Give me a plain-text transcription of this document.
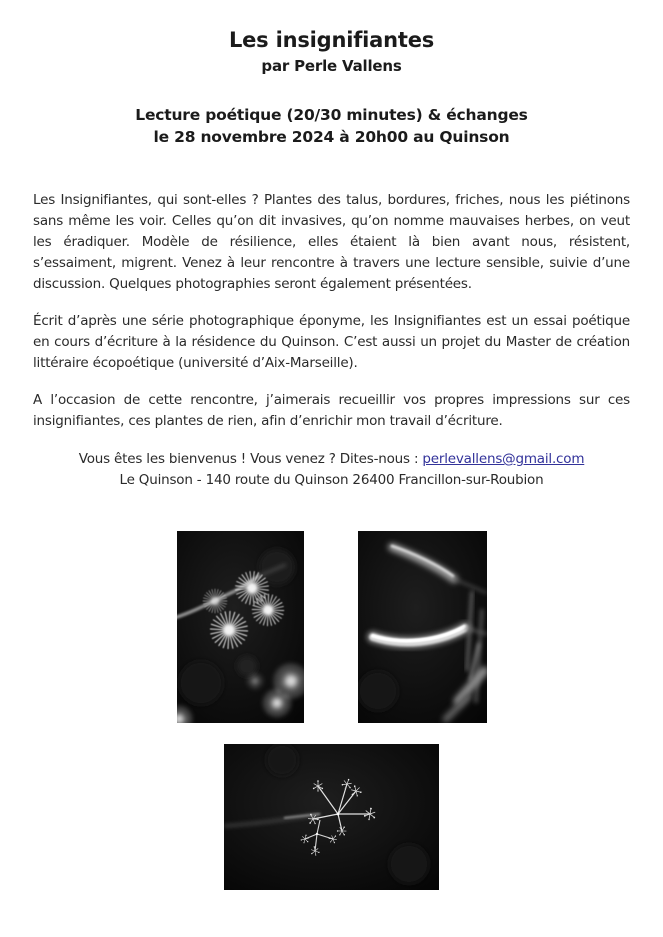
Les insignifiantes
par Perle Vallens
Lecture poétique (20/30 minutes) & échanges
le 28 novembre 2024 à 20h00 au Quinson

Les Insignifiantes, qui sont-elles ? Plantes des talus, bordures, friches, nous les piétinons sans même les voir. Celles qu’on dit invasives, qu’on nomme mauvaises herbes, on veut les éradiquer. Modèle de résilience, elles étaient là bien avant nous, résistent, s’essaiment, migrent. Venez à leur rencontre à travers une lecture sensible, suivie d’une discussion. Quelques photographies seront également présentées.

Écrit d’après une série photographique éponyme, les Insignifiantes est un essai poétique en cours d’écriture à la résidence du Quinson. C’est aussi un projet du Master de création littéraire écopoétique (université d’Aix-Marseille).

A l’occasion de cette rencontre, j’aimerais recueillir vos propres impressions sur ces insignifiantes, ces plantes de rien, afin d’enrichir mon travail d’écriture.

Vous êtes les bienvenus ! Vous venez ? Dites-nous : perlevallens@gmail.com
Le Quinson - 140 route du Quinson 26400 Francillon-sur-Roubion
